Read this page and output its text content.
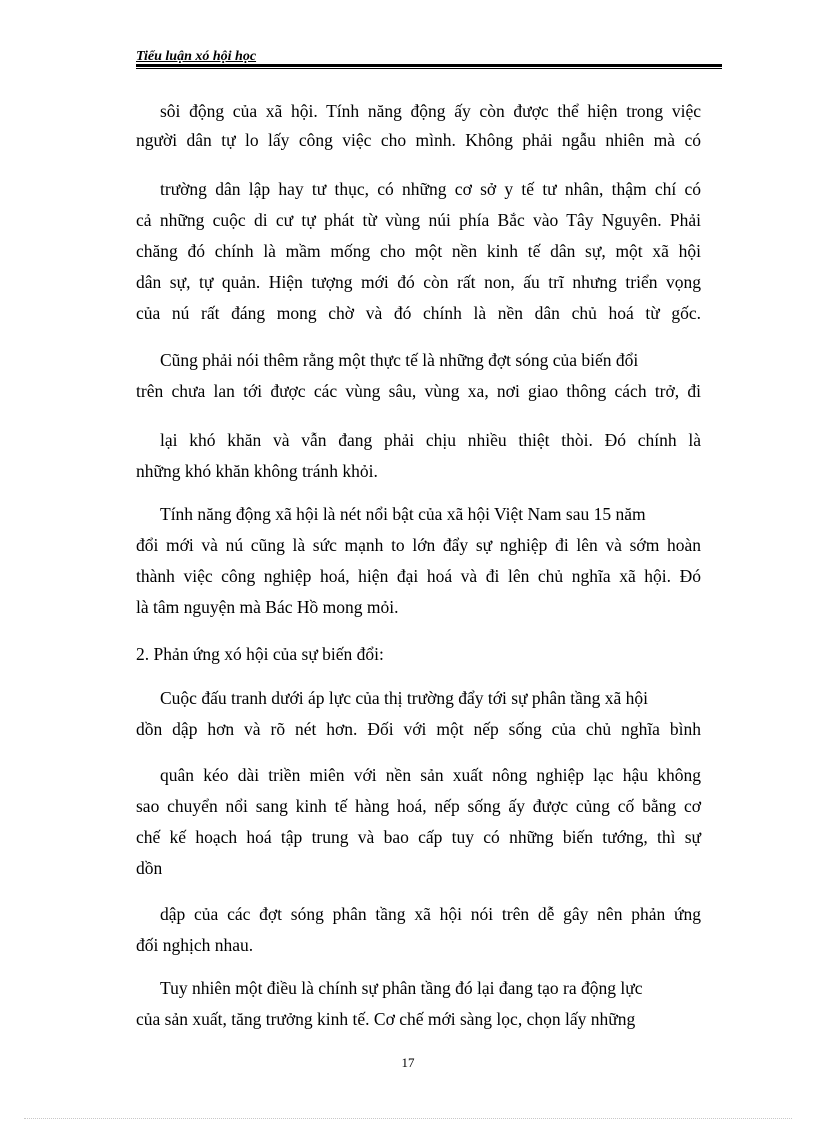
Tiểu luận xó hội học
sôi động của xã hội. Tính năng động ấy còn được thể hiện trong việc
người dân tự lo lấy công việc cho mình. Không phải ngẫu nhiên mà có
trường dân lập hay tư thục, có những cơ sở y tế tư nhân, thậm chí có
cả những cuộc di cư tự phát từ vùng núi phía Bắc vào Tây Nguyên. Phải
chăng đó chính là mầm mống cho một nền kinh tế dân sự, một xã hội
dân sự, tự quản. Hiện tượng mới đó còn rất non, ấu trĩ nhưng triển vọng
của nú rất đáng mong chờ và đó chính là nền dân chủ hoá từ gốc.
Cũng phải nói thêm rằng một thực tế là những đợt sóng của biến đổi
trên chưa lan tới được các vùng sâu, vùng xa, nơi giao thông cách trở, đi
lại khó khăn và vẫn đang phải chịu nhiều thiệt thòi. Đó chính là
những khó khăn không tránh khỏi.
Tính năng động xã hội là nét nổi bật của xã hội Việt Nam sau 15 năm
đổi mới và nú cũng là sức mạnh to lớn đẩy sự nghiệp đi lên và sớm hoàn
thành việc công nghiệp hoá, hiện đại hoá và đi lên chủ nghĩa xã hội. Đó
là tâm nguyện mà Bác Hồ mong mỏi.
2. Phản ứng xó hội của sự biến đổi:
Cuộc đấu tranh dưới áp lực của thị trường đẩy tới sự phân tầng xã hội
dồn dập hơn và rõ nét hơn. Đối với một nếp sống của chủ nghĩa bình
quân kéo dài triền miên với nền sản xuất nông nghiệp lạc hậu không
sao chuyển nổi sang kinh tế hàng hoá, nếp sống ấy được củng cố bằng cơ
chế kế hoạch hoá tập trung và bao cấp tuy có những biến tướng, thì sự
dồn
dập của các đợt sóng phân tầng xã hội nói trên dễ gây nên phản ứng
đối nghịch nhau.
Tuy nhiên một điều là chính sự phân tầng đó lại đang tạo ra động lực
của sản xuất, tăng trưởng kinh tế. Cơ chế mới sàng lọc, chọn lấy những
17
